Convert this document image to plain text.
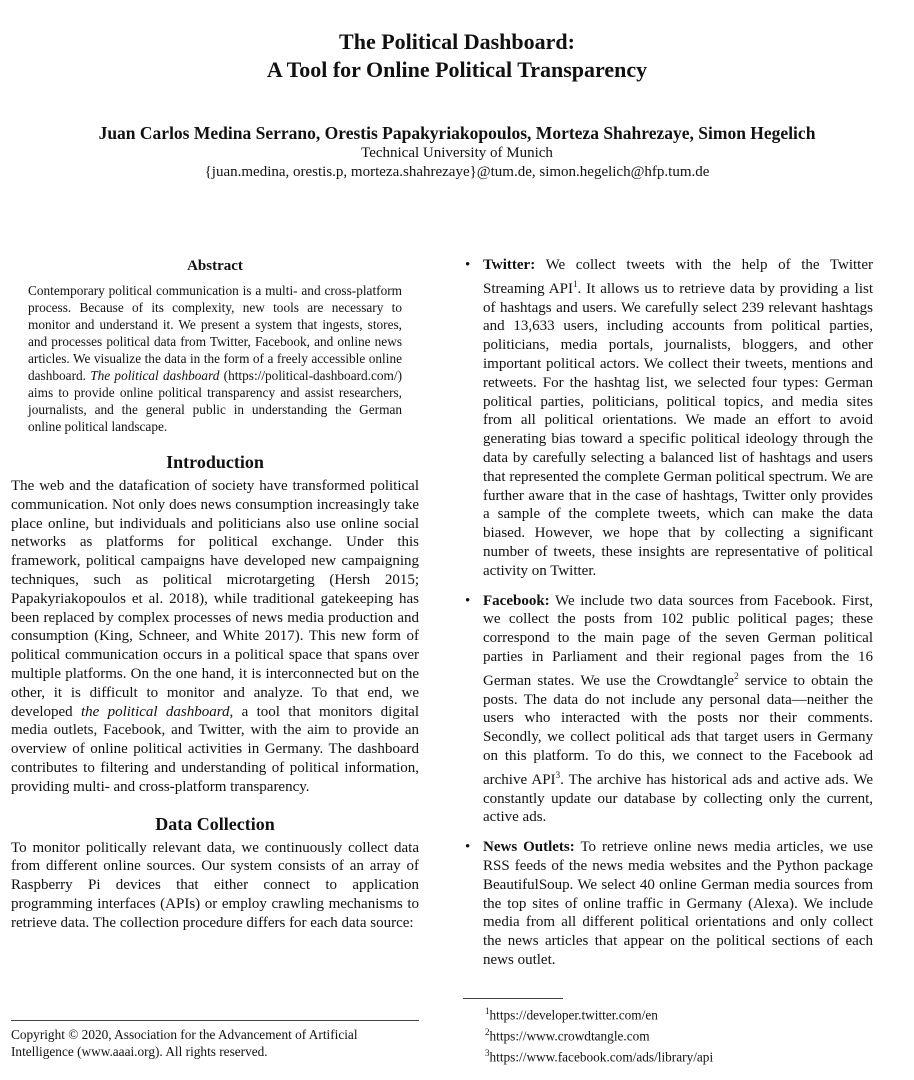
The Political Dashboard:
A Tool for Online Political Transparency

Juan Carlos Medina Serrano, Orestis Papakyriakopoulos, Morteza Shahrezaye, Simon Hegelich
Technical University of Munich
{juan.medina, orestis.p, morteza.shahrezaye}@tum.de, simon.hegelich@hfp.tum.de
Abstract

Contemporary political communication is a multi- and cross-platform process. Because of its complexity, new tools are necessary to monitor and understand it. We present a system that ingests, stores, and processes political data from Twitter, Facebook, and online news articles. We visualize the data in the form of a freely accessible online dashboard. The political dashboard (https://political-dashboard.com/) aims to provide online political transparency and assist researchers, journalists, and the general public in understanding the German online political landscape.

Introduction

The web and the datafication of society have transformed political communication. Not only does news consumption increasingly take place online, but individuals and politicians also use online social networks as platforms for political exchange. Under this framework, political campaigns have developed new campaigning techniques, such as political microtargeting (Hersh 2015; Papakyriakopoulos et al. 2018), while traditional gatekeeping has been replaced by complex processes of news media production and consumption (King, Schneer, and White 2017). This new form of political communication occurs in a political space that spans over multiple platforms. On the one hand, it is interconnected but on the other, it is difficult to monitor and analyze. To that end, we developed the political dashboard, a tool that monitors digital media outlets, Facebook, and Twitter, with the aim to provide an overview of online political activities in Germany. The dashboard contributes to filtering and understanding of political information, providing multi- and cross-platform transparency.

Data Collection

To monitor politically relevant data, we continuously collect data from different online sources. Our system consists of an array of Raspberry Pi devices that either connect to application programming interfaces (APIs) or employ crawling mechanisms to retrieve data. The collection procedure differs for each data source:

Copyright © 2020, Association for the Advancement of Artificial Intelligence (www.aaai.org). All rights reserved.
• Twitter: We collect tweets with the help of the Twitter Streaming API$^1$. It allows us to retrieve data by providing a list of hashtags and users. We carefully select 239 relevant hashtags and 13,633 users, including accounts from political parties, politicians, media portals, journalists, bloggers, and other important political actors. We collect their tweets, mentions and retweets. For the hashtag list, we selected four types: German political parties, politicians, political topics, and media sites from all political orientations. We made an effort to avoid generating bias toward a specific political ideology through the data by carefully selecting a balanced list of hashtags and users that represented the complete German political spectrum. We are further aware that in the case of hashtags, Twitter only provides a sample of the complete tweets, which can make the data biased. However, we hope that by collecting a significant number of tweets, these insights are representative of political activity on Twitter.
• Facebook: We include two data sources from Facebook. First, we collect the posts from 102 public political pages; these correspond to the main page of the seven German political parties in Parliament and their regional pages from the 16 German states. We use the Crowdtangle$^2$ service to obtain the posts. The data do not include any personal data—neither the users who interacted with the posts nor their comments. Secondly, we collect political ads that target users in Germany on this platform. To do this, we connect to the Facebook ad archive API$^3$. The archive has historical ads and active ads. We constantly update our database by collecting only the current, active ads.
• News Outlets: To retrieve online news media articles, we use RSS feeds of the news media websites and the Python package BeautifulSoup. We select 40 online German media sources from the top sites of online traffic in Germany (Alexa). We include media from all different political orientations and only collect the news articles that appear on the political sections of each news outlet.
$^1$https://developer.twitter.com/en
$^2$https://www.crowdtangle.com
$^3$https://www.facebook.com/ads/library/api
